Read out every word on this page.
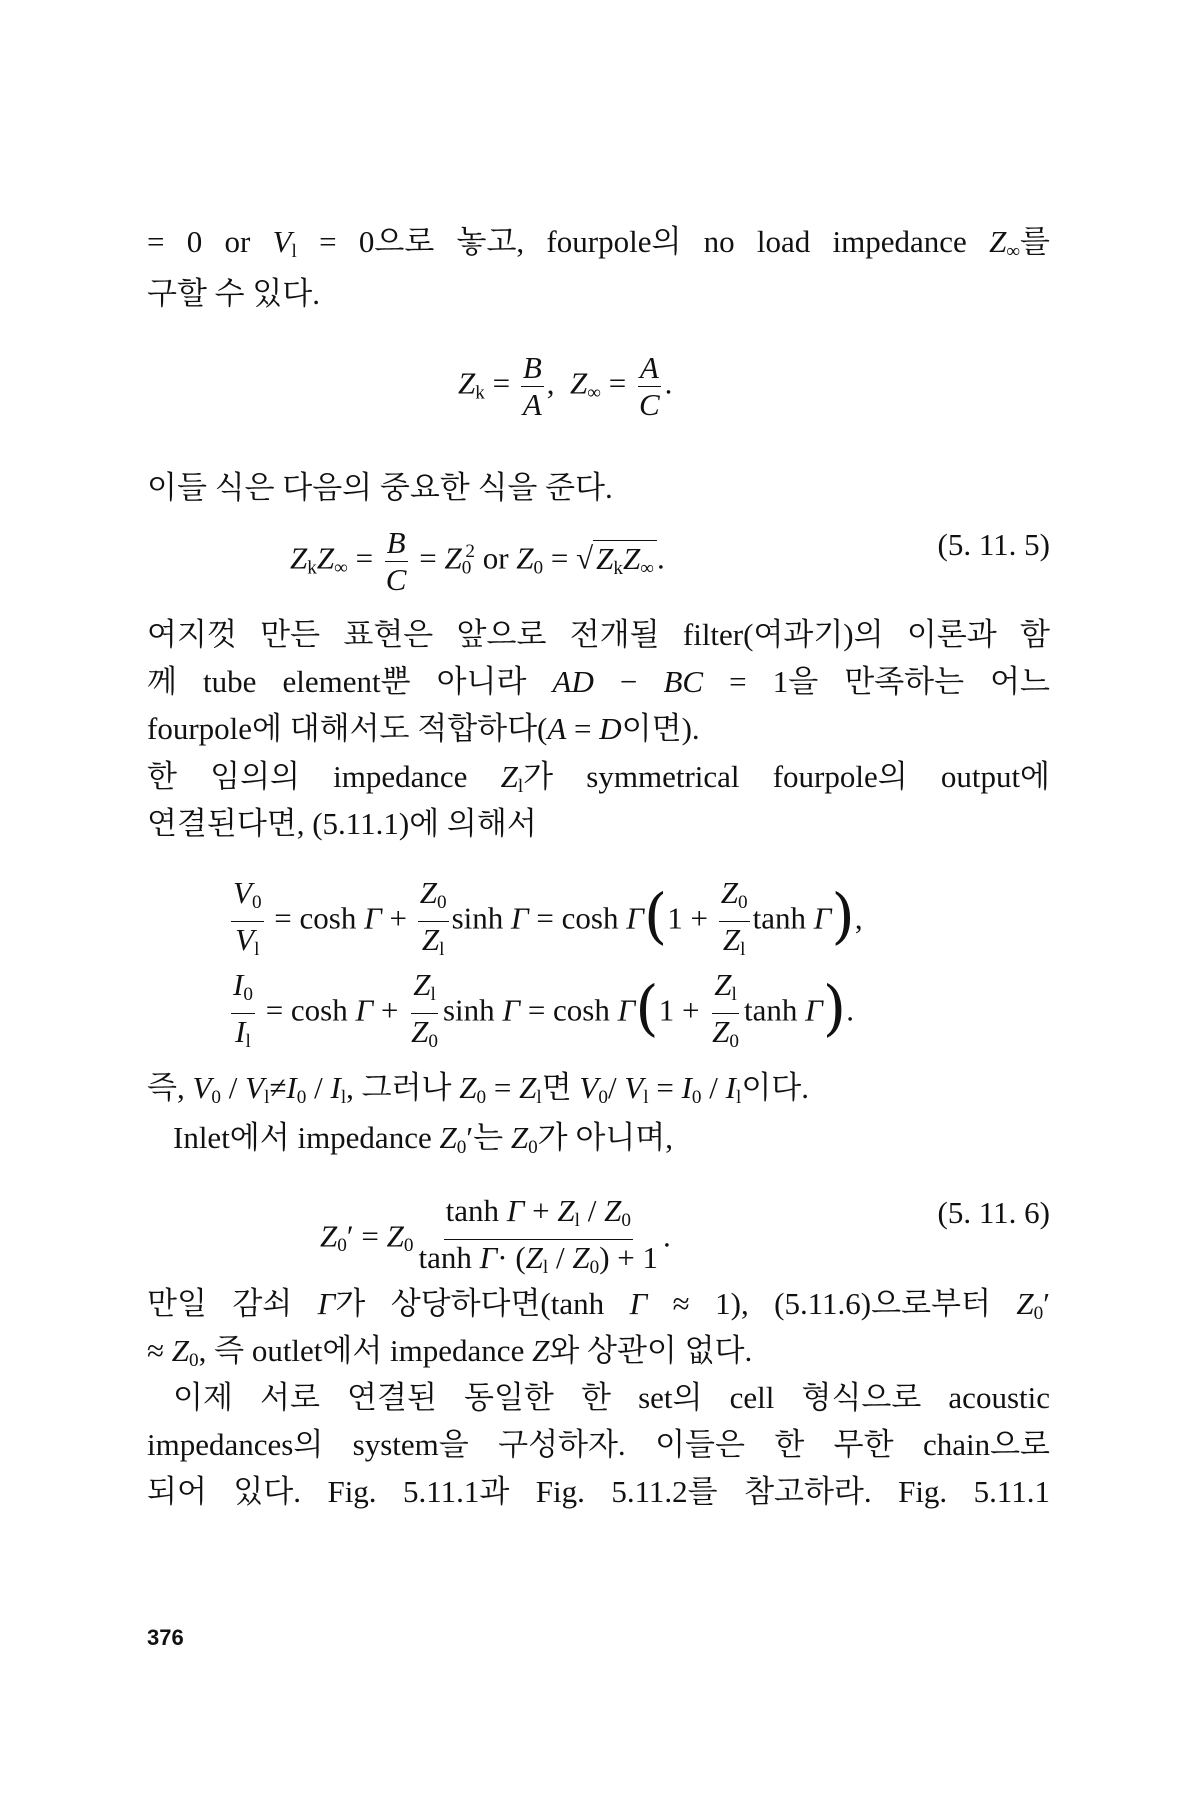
= 0 or $V_l = 0$으로 놓고, fourpole의 no load impedance $Z_\infty$를
구할 수 있다.
$Z_k = \frac{B}{A}$ , $Z_\infty = \frac{A}{C}$ .
이들 식은 다음의 중요한 식을 준다.
$Z_kZ_\infty = \frac{B}{C} = Z_0^2$ or $Z_0 = √Z_kZ_\infty$.	(5. 11. 5)
여지껏 만든 표현은 앞으로 전개될 filter(여과기)의 이론과 함
께 tube element뿐 아니라 AD − BC = 1을 만족하는 어느
fourpole에 대해서도 적합하다(A = D이면).
한 임의의 impedance $Z_l$가 symmetrical fourpole의 output에
연결된다면, (5.11.1)에 의해서
$\frac{V_0}{V_l} = \cosh \Gamma + \frac{Z_0}{Z_l}$ $\sinh \Gamma = \cosh \Gamma(1 + \frac{Z_0}{Z_l}$ tanh Γ),
$\frac{I_0}{I_l} = \cosh \Gamma + \frac{Z_l}{Z_0}$ $\sinh \Gamma = \cosh \Gamma(1 + \frac{Z_l}{Z_0}$ tanh Γ).
즉, $V_0 / V_l\ne I_0 / I_l$, 그러나 $Z_0 = Z_l$면 $V_0/$ $V_l = I_0 / I_l$이다.
Inlet에서 impedance $Z_0'$는 $Z_0$가 아니며,
$Z_0' = Z_0 \frac{\tanh \Gamma + Z_l / Z_0}{\tanh \Gamma\cdot (Z_l / Z_0) + 1}$ .
(5. 11. 6)
만일 감쇠 Γ가 상당하다면(tanh Γ ≈ 1), (5.11.6)으로부터 $Z_0'$
≈ $Z_0$, 즉 outlet에서 impedance Z와 상관이 없다.
이제 서로 연결된 동일한 한 set의 cell 형식으로 acoustic
impedances의 system을 구성하자. 이들은 한 무한 chain으로
되어 있다. Fig. 5.11.1과 Fig. 5.11.2를 참고하라. Fig. 5.11.1
376
